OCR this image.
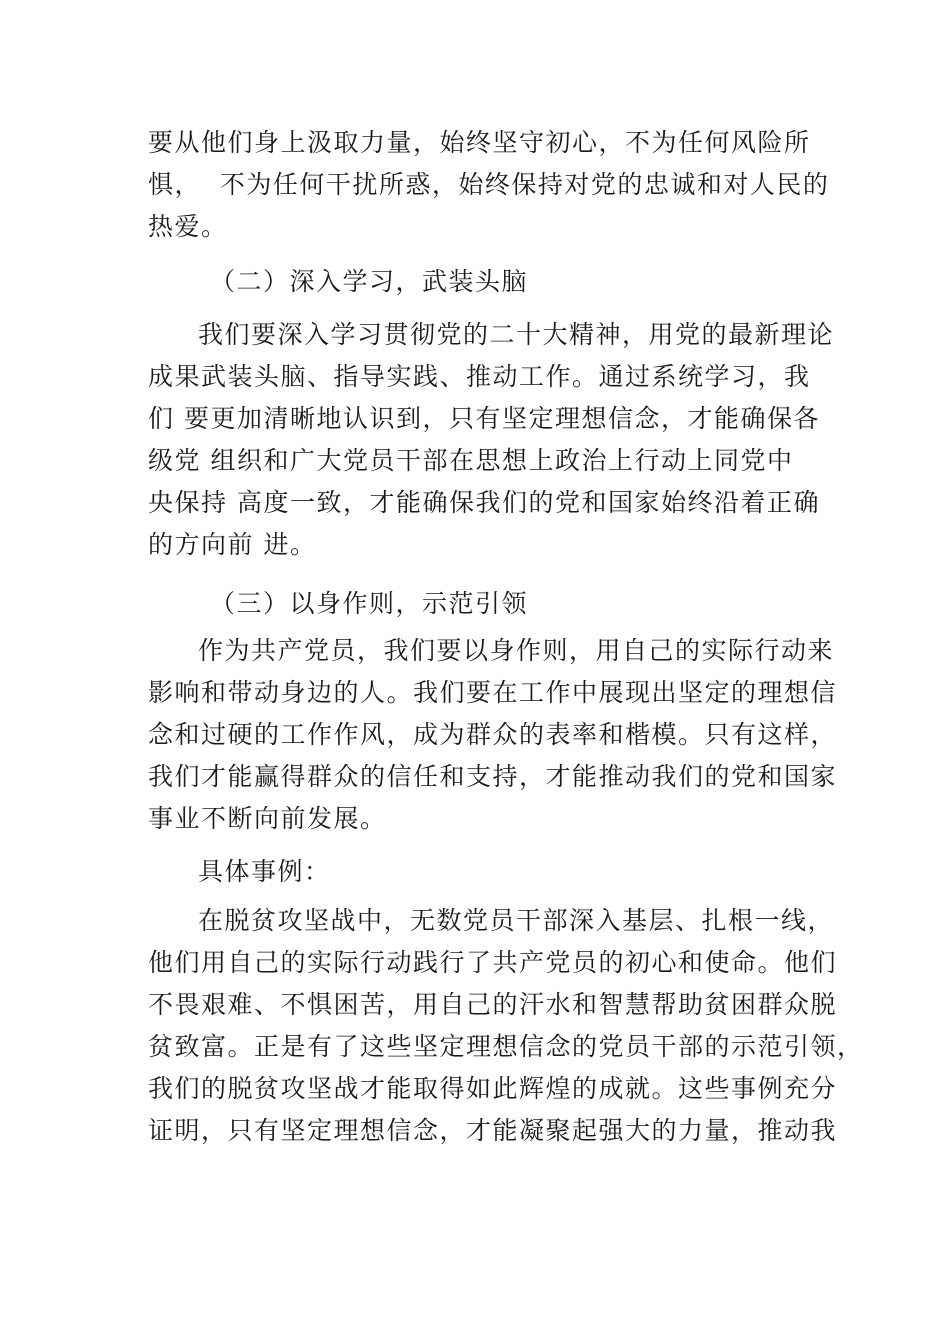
要从他们身上汲取力量，始终坚守初心，不为任何风险所
惧，  不为任何干扰所惑，始终保持对党的忠诚和对人民的
热爱。
（二）深入学习，武装头脑
我们要深入学习贯彻党的二十大精神，用党的最新理论
成果武装头脑、指导实践、推动工作。通过系统学习，我
们 要更加清晰地认识到，只有坚定理想信念，才能确保各
级党 组织和广大党员干部在思想上政治上行动上同党中
央保持 高度一致，才能确保我们的党和国家始终沿着正确
的方向前 进。
（三）以身作则，示范引领
作为共产党员，我们要以身作则，用自己的实际行动来
影响和带动身边的人。我们要在工作中展现出坚定的理想信
念和过硬的工作作风，成为群众的表率和楷模。只有这样，
我们才能赢得群众的信任和支持，才能推动我们的党和国家
事业不断向前发展。
具体事例：
在脱贫攻坚战中，无数党员干部深入基层、扎根一线，
他们用自己的实际行动践行了共产党员的初心和使命。他们
不畏艰难、不惧困苦，用自己的汗水和智慧帮助贫困群众脱
贫致富。正是有了这些坚定理想信念的党员干部的示范引领，
我们的脱贫攻坚战才能取得如此辉煌的成就。这些事例充分
证明，只有坚定理想信念，才能凝聚起强大的力量，推动我
